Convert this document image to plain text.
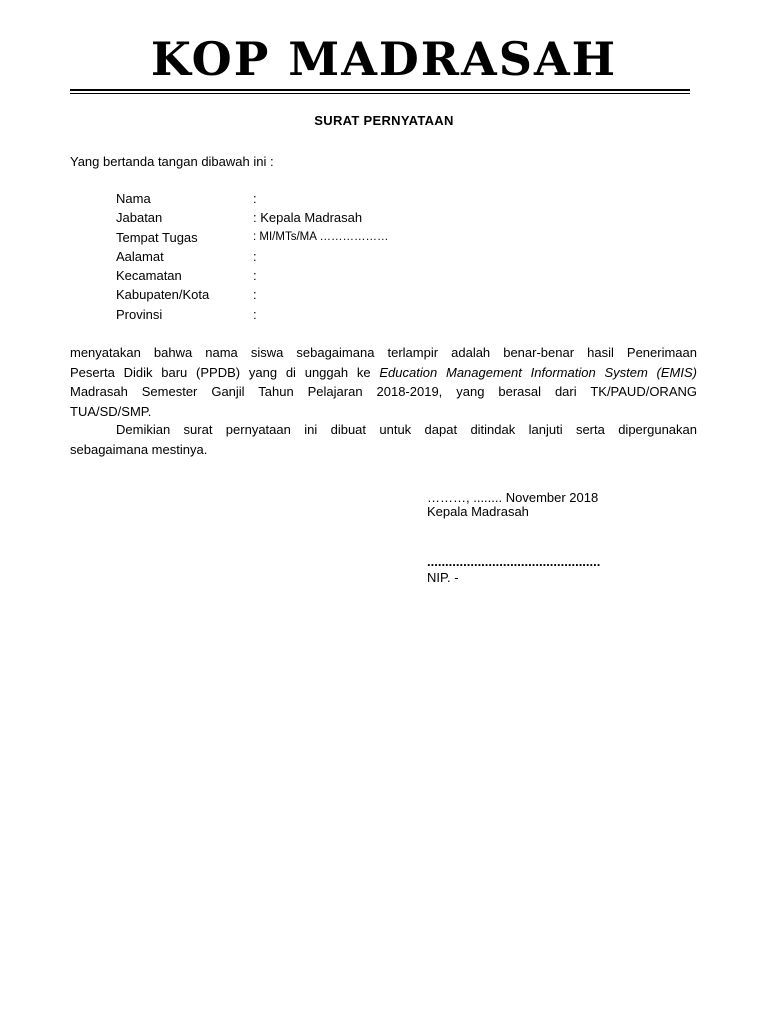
KOP MADRASAH
SURAT PERNYATAAN
Yang bertanda tangan dibawah ini :
Nama	:
Jabatan	: Kepala Madrasah
Tempat Tugas	: MI/MTs/MA ………………
Aalamat	:
Kecamatan	:
Kabupaten/Kota	:
Provinsi	:
menyatakan bahwa nama siswa sebagaimana terlampir adalah benar-benar hasil Penerimaan
Peserta Didik baru (PPDB) yang di unggah ke Education Management Information System (EMIS)
Madrasah Semester Ganjil Tahun Pelajaran 2018-2019, yang berasal dari TK/PAUD/ORANG
TUA/SD/SMP.
Demikian surat pernyataan ini dibuat untuk dapat ditindak lanjuti serta dipergunakan
sebagaimana mestinya.
………, ........ November 2018
Kepala Madrasah
................................................
NIP. -
